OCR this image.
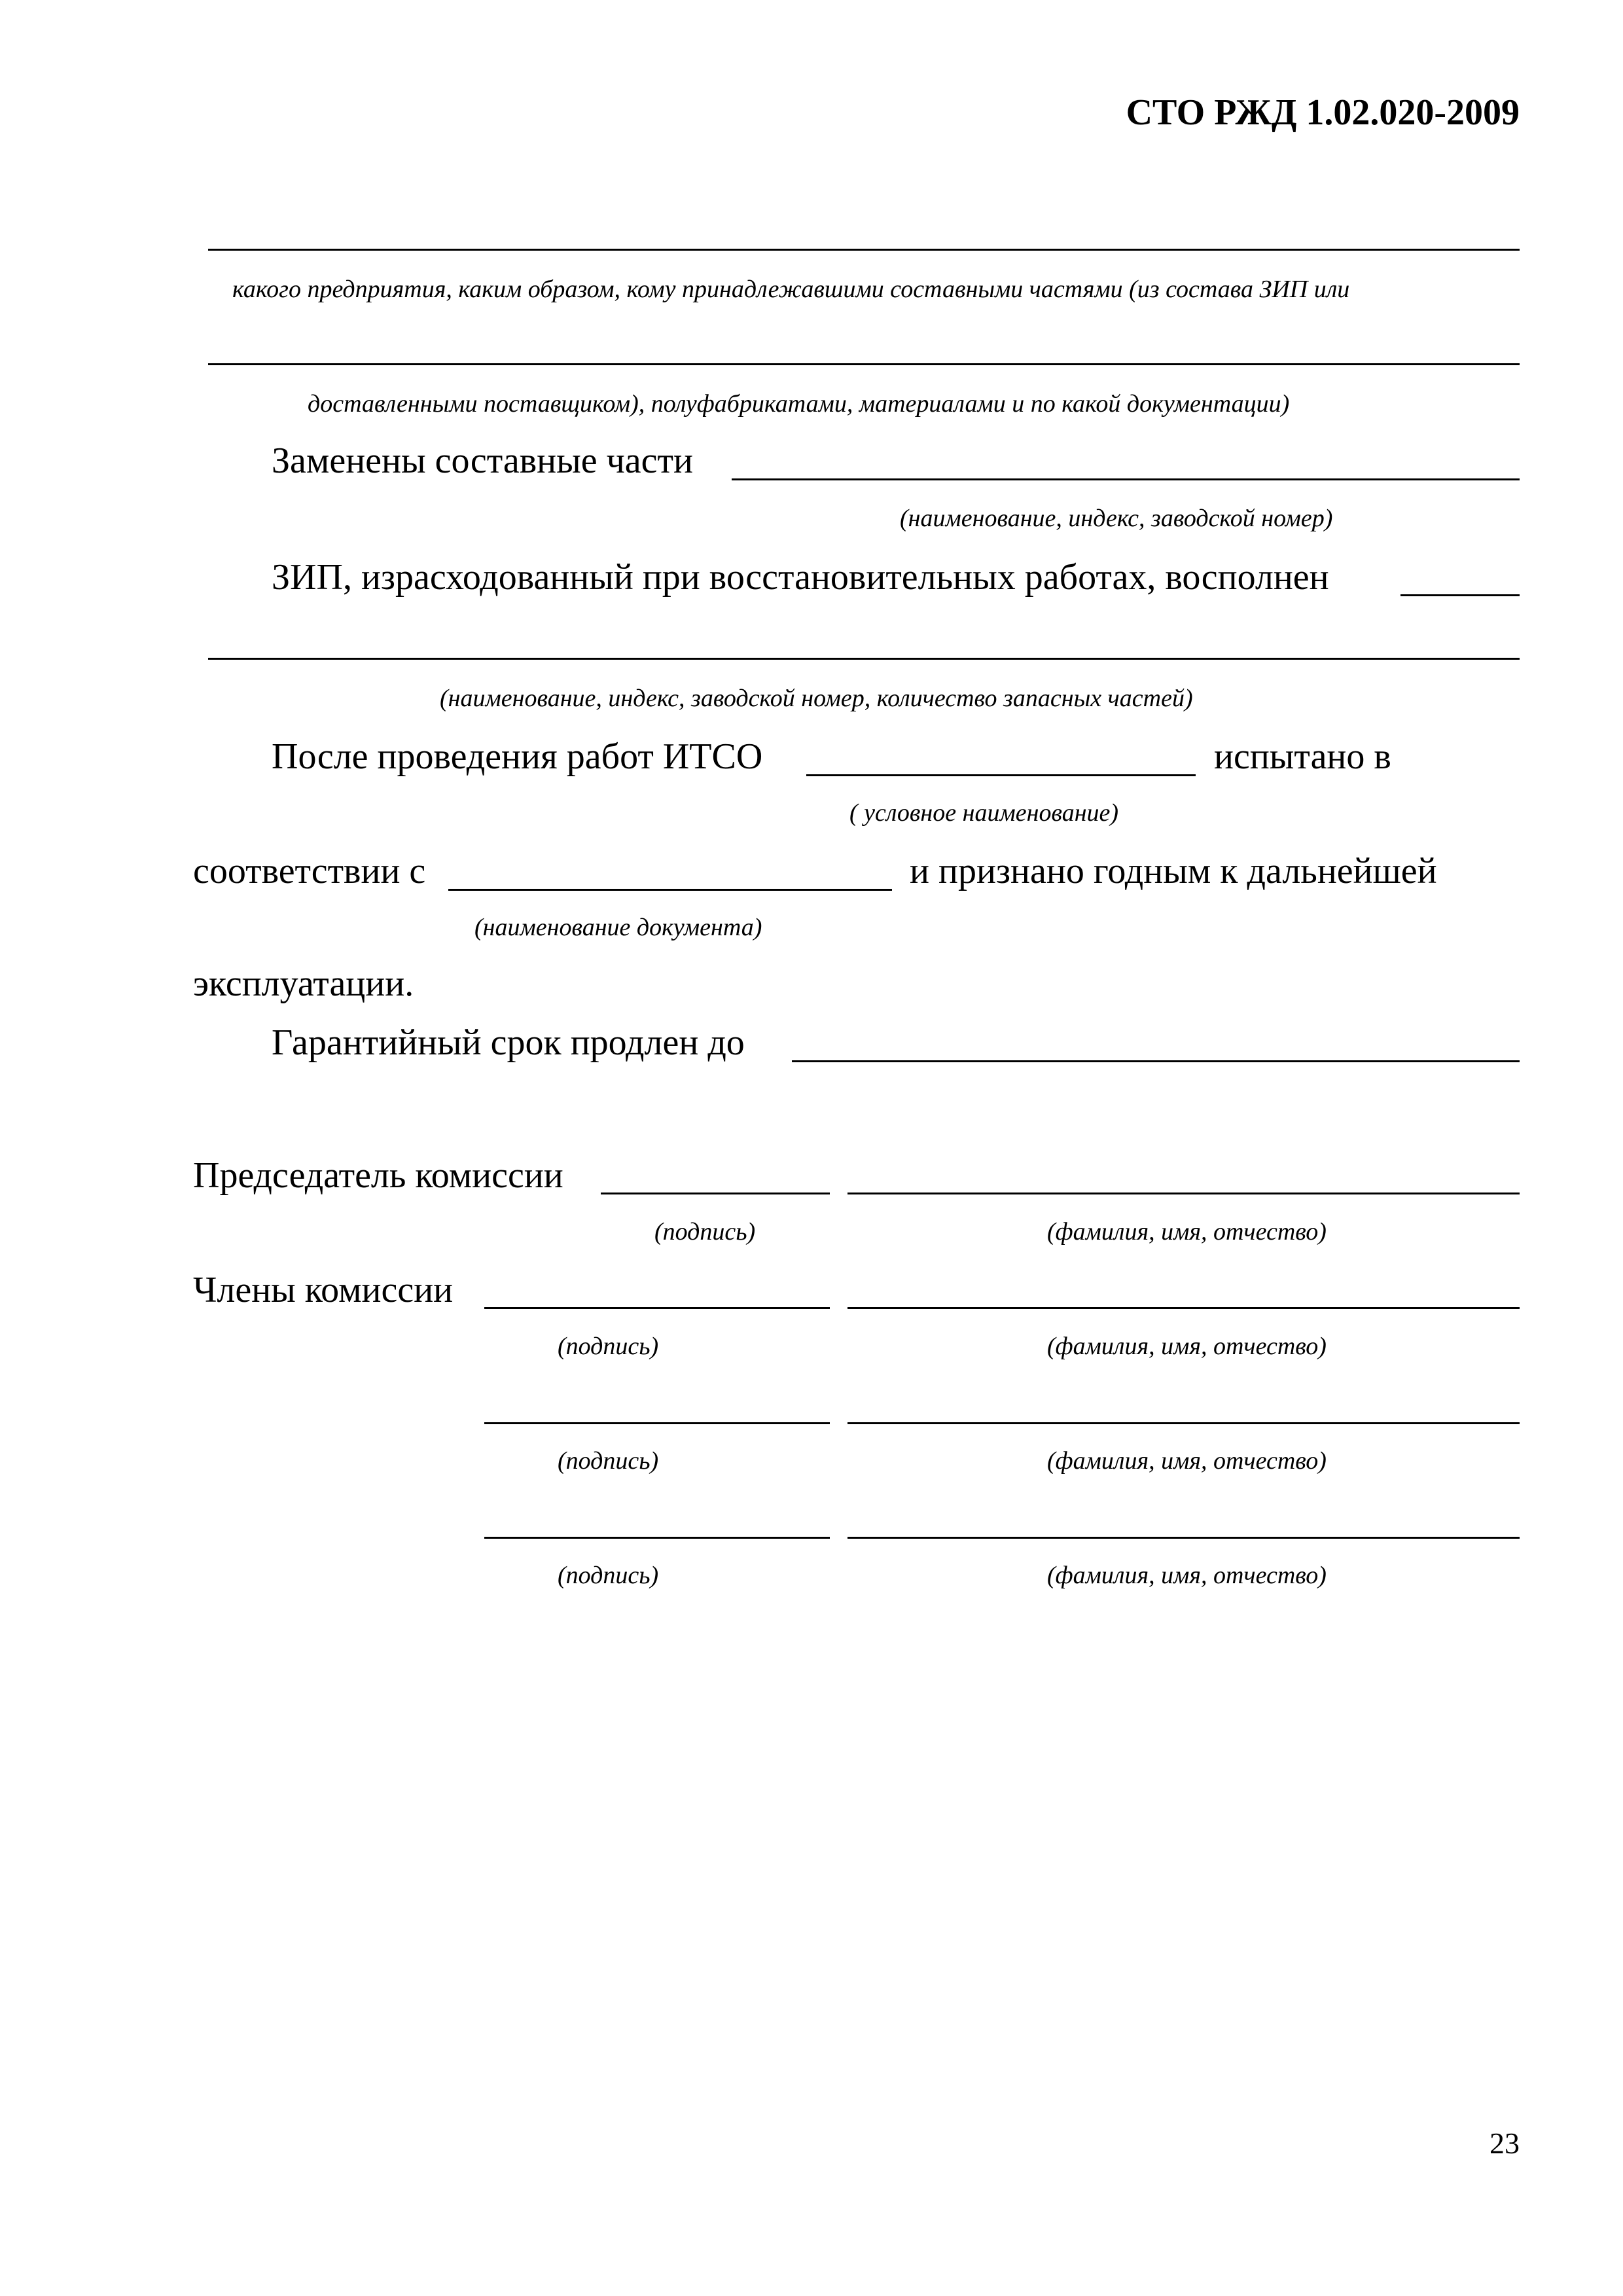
СТО РЖД 1.02.020-2009
какого предприятия, каким образом, кому принадлежавшими составными частями (из состава ЗИП или
доставленными поставщиком), полуфабрикатами, материалами и по какой документации)
Заменены составные части
(наименование, индекс, заводской номер)
ЗИП, израсходованный при восстановительных работах, восполнен
(наименование, индекс, заводской номер, количество запасных частей)
После проведения работ ИТСО	испытано в
( условное наименование)
соответствии с	и признано годным к дальнейшей
(наименование документа)
эксплуатации.
Гарантийный срок продлен до
Председатель комиссии
(подпись)	(фамилия, имя, отчество)
Члены комиссии
(подпись)	(фамилия, имя, отчество)
(подпись)	(фамилия, имя, отчество)
(подпись)	(фамилия, имя, отчество)
23
